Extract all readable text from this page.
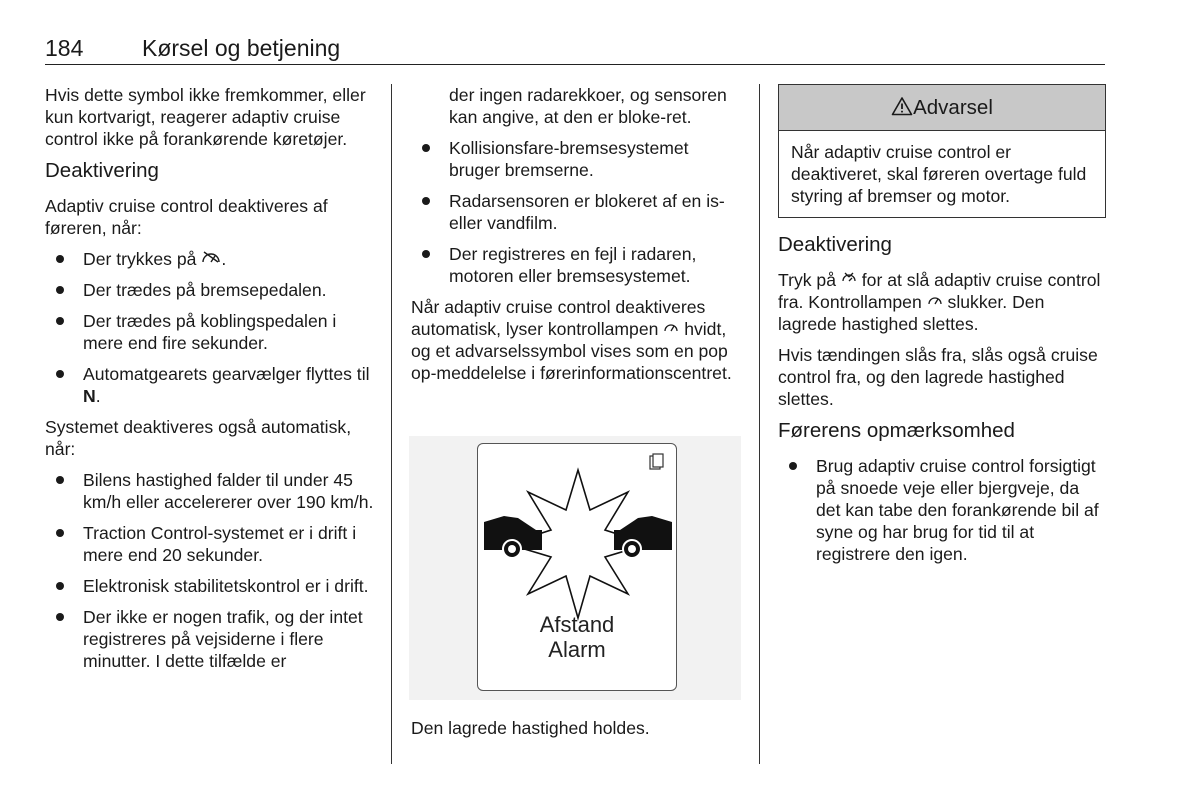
184	Kørsel og betjening

Hvis dette symbol ikke fremkommer, eller kun kortvarigt, reagerer adaptiv cruise control ikke på forankørende køretøjer.

Deaktivering

Adaptiv cruise control deaktiveres af føreren, når:

Der trykkes på .
Der trædes på bremsepedalen.
Der trædes på koblingspedalen i mere end fire sekunder.
Automatgearets gearvælger flyttes til N.

Systemet deaktiveres også automatisk, når:

Bilens hastighed falder til under 45 km/h eller accelererer over 190 km/h.
Traction Control-systemet er i drift i mere end 20 sekunder.
Elektronisk stabilitetskontrol er i drift.
Der ikke er nogen trafik, og der intet registreres på vejsiderne i flere minutter. I dette tilfælde er

der ingen radarekkoer, og sensoren kan angive, at den er bloke-ret.

Kollisionsfare-bremsesystemet bruger bremserne.
Radarsensoren er blokeret af en is- eller vandfilm.
Der registreres en fejl i radaren, motoren eller bremsesystemet.

Når adaptiv cruise control deaktiveres automatisk, lyser kontrollampen hvidt, og et advarselssymbol vises som en pop op-meddelelse i førerinformationscentret.

Afstand
Alarm
Den lagrede hastighed holdes.
Advarsel
Når adaptiv cruise control er deaktiveret, skal føreren overtage fuld styring af bremser og motor.
Deaktivering

Tryk på for at slå adaptiv cruise control fra. Kontrollampen slukker. Den lagrede hastighed slettes.

Hvis tændingen slås fra, slås også cruise control fra, og den lagrede hastighed slettes.

Førerens opmærksomhed
Brug adaptiv cruise control forsigtigt på snoede veje eller bjergveje, da det kan tabe den forankørende bil af syne og har brug for tid til at registrere den igen.
